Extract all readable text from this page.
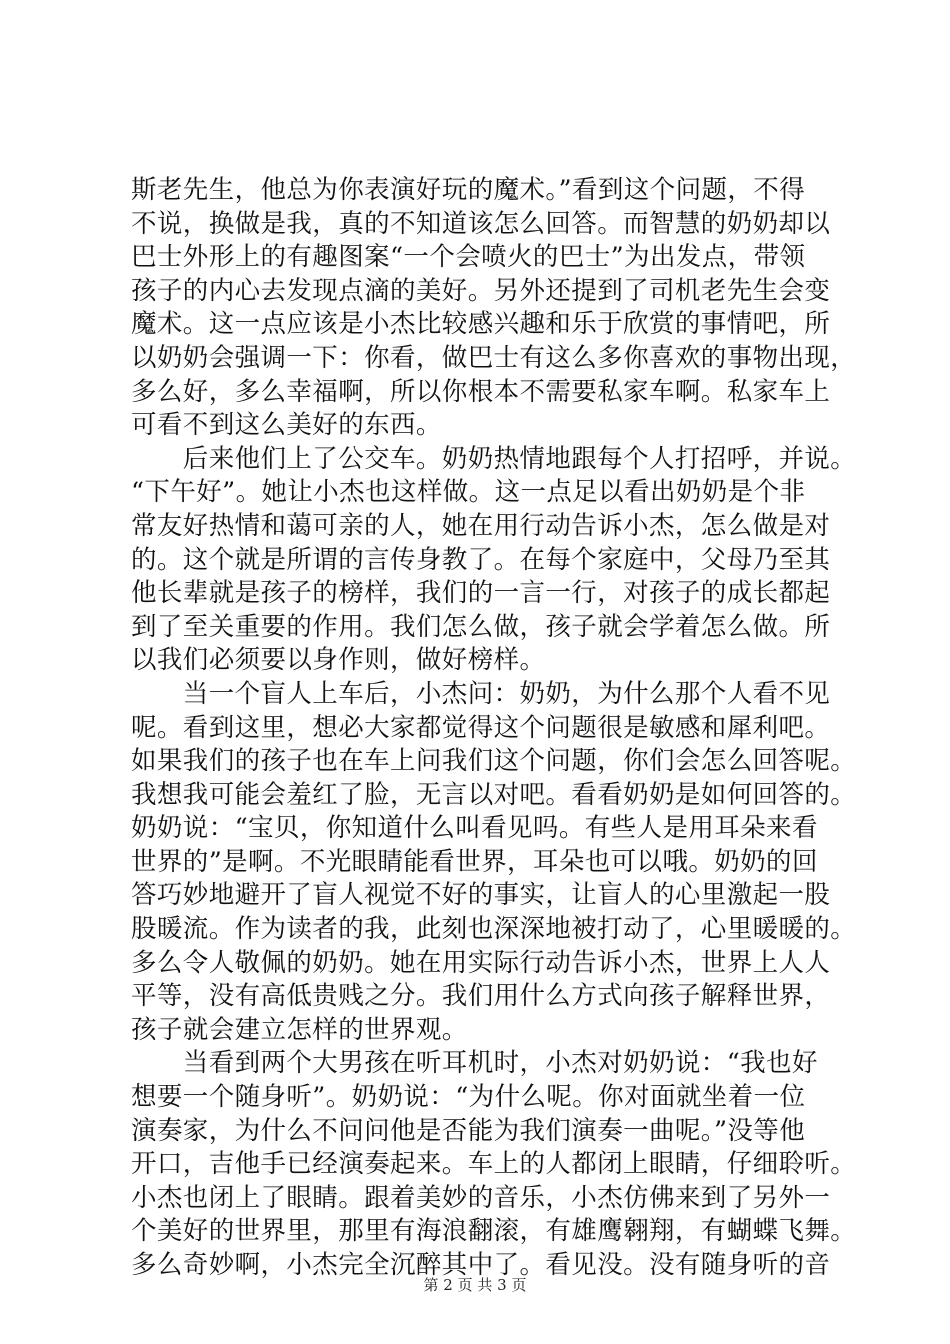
斯老先生，他总为你表演好玩的魔术。”看到这个问题，不得
不说，换做是我，真的不知道该怎么回答。而智慧的奶奶却以
巴士外形上的有趣图案“一个会喷火的巴士”为出发点，带领
孩子的内心去发现点滴的美好。另外还提到了司机老先生会变
魔术。这一点应该是小杰比较感兴趣和乐于欣赏的事情吧，所
以奶奶会强调一下：你看，做巴士有这么多你喜欢的事物出现，
多么好，多么幸福啊，所以你根本不需要私家车啊。私家车上
可看不到这么美好的东西。
　　后来他们上了公交车。奶奶热情地跟每个人打招呼，并说。
“下午好”。她让小杰也这样做。这一点足以看出奶奶是个非
常友好热情和蔼可亲的人，她在用行动告诉小杰，怎么做是对
的。这个就是所谓的言传身教了。在每个家庭中，父母乃至其
他长辈就是孩子的榜样，我们的一言一行，对孩子的成长都起
到了至关重要的作用。我们怎么做，孩子就会学着怎么做。所
以我们必须要以身作则，做好榜样。
　　当一个盲人上车后，小杰问：奶奶，为什么那个人看不见
呢。看到这里，想必大家都觉得这个问题很是敏感和犀利吧。
如果我们的孩子也在车上问我们这个问题，你们会怎么回答呢。
我想我可能会羞红了脸，无言以对吧。看看奶奶是如何回答的。
奶奶说：“宝贝，你知道什么叫看见吗。有些人是用耳朵来看
世界的”是啊。不光眼睛能看世界，耳朵也可以哦。奶奶的回
答巧妙地避开了盲人视觉不好的事实，让盲人的心里激起一股
股暖流。作为读者的我，此刻也深深地被打动了，心里暖暖的。
多么令人敬佩的奶奶。她在用实际行动告诉小杰，世界上人人
平等，没有高低贵贱之分。我们用什么方式向孩子解释世界，
孩子就会建立怎样的世界观。
　　当看到两个大男孩在听耳机时，小杰对奶奶说：“我也好
想要一个随身听”。奶奶说：“为什么呢。你对面就坐着一位
演奏家，为什么不问问他是否能为我们演奏一曲呢。”没等他
开口，吉他手已经演奏起来。车上的人都闭上眼睛，仔细聆听。
小杰也闭上了眼睛。跟着美妙的音乐，小杰仿佛来到了另外一
个美好的世界里，那里有海浪翻滚，有雄鹰翱翔，有蝴蝶飞舞。
多么奇妙啊，小杰完全沉醉其中了。看见没。没有随身听的音
第 2 页 共 3 页
